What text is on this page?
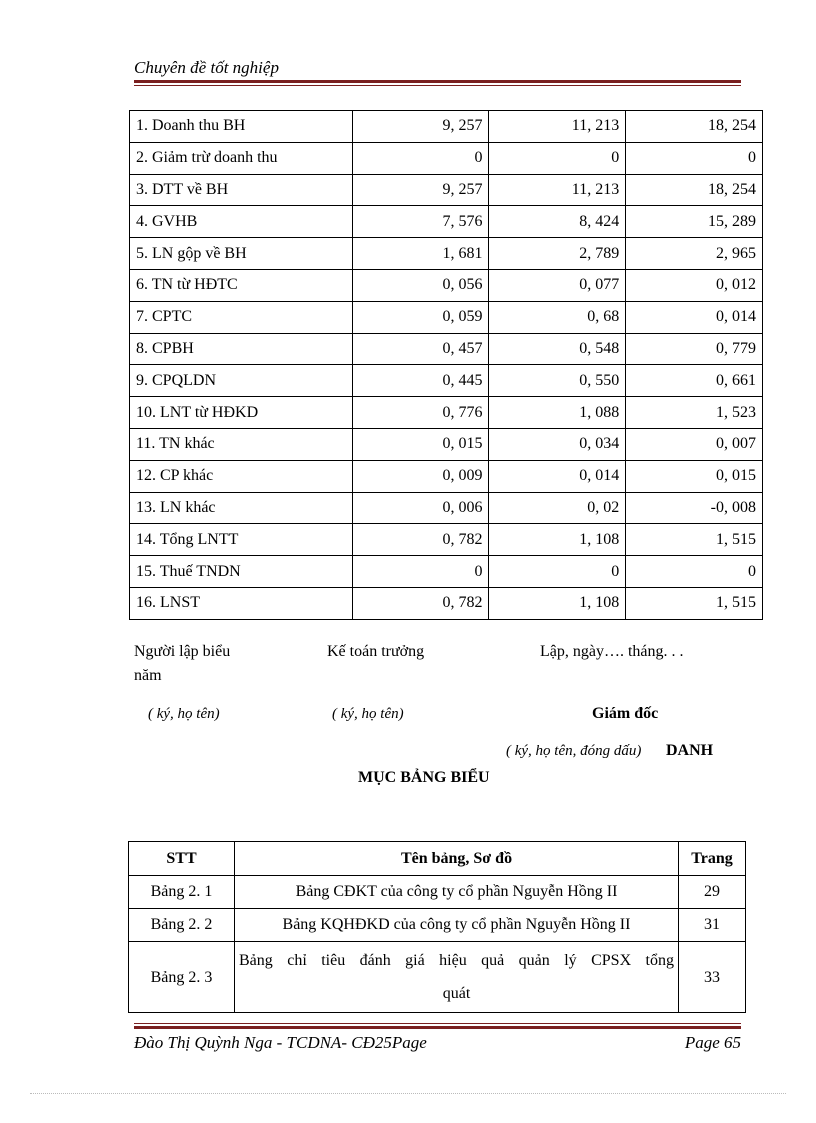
Chuyên đề tốt nghiệp
1. Doanh thu BH	9, 257	11, 213	18, 254
2. Giảm trừ doanh thu	0	0	0
3. DTT về BH	9, 257	11, 213	18, 254
4. GVHB	7, 576	8, 424	15, 289
5. LN gộp về BH	1, 681	2, 789	2, 965
6. TN từ HĐTC	0, 056	0, 077	0, 012
7. CPTC	0, 059	0, 68	0, 014
8. CPBH	0, 457	0, 548	0, 779
9. CPQLDN	0, 445	0, 550	0, 661
10. LNT từ HĐKD	0, 776	1, 088	1, 523
11. TN khác	0, 015	0, 034	0, 007
12. CP khác	0, 009	0, 014	0, 015
13. LN khác	0, 006	0, 02	-0, 008
14. Tổng LNTT	0, 782	1, 108	1, 515
15. Thuế TNDN	0	0	0
16. LNST	0, 782	1, 108	1, 515
Người lập biểu
năm
Kế toán trưởng	Lập, ngày…. tháng. . .
( ký, họ tên)	( ký, họ tên)	Giám đốc
( ký, họ tên, đóng dấu) DANH
MỤC BẢNG BIỂU
STT	Tên bảng, Sơ đồ	Trang
Bảng 2. 1	Bảng CĐKT của công ty cổ phần Nguyễn Hồng II	29
Bảng 2. 2	Bảng KQHĐKD của công ty cổ phần Nguyễn Hồng II	31
Bảng 2. 3	Bảng chỉ tiêu đánh giá hiệu quả quản lý CPSX tổng
quát	33
Đào Thị Quỳnh Nga - TCDNA- CĐ25Page	Page 65
